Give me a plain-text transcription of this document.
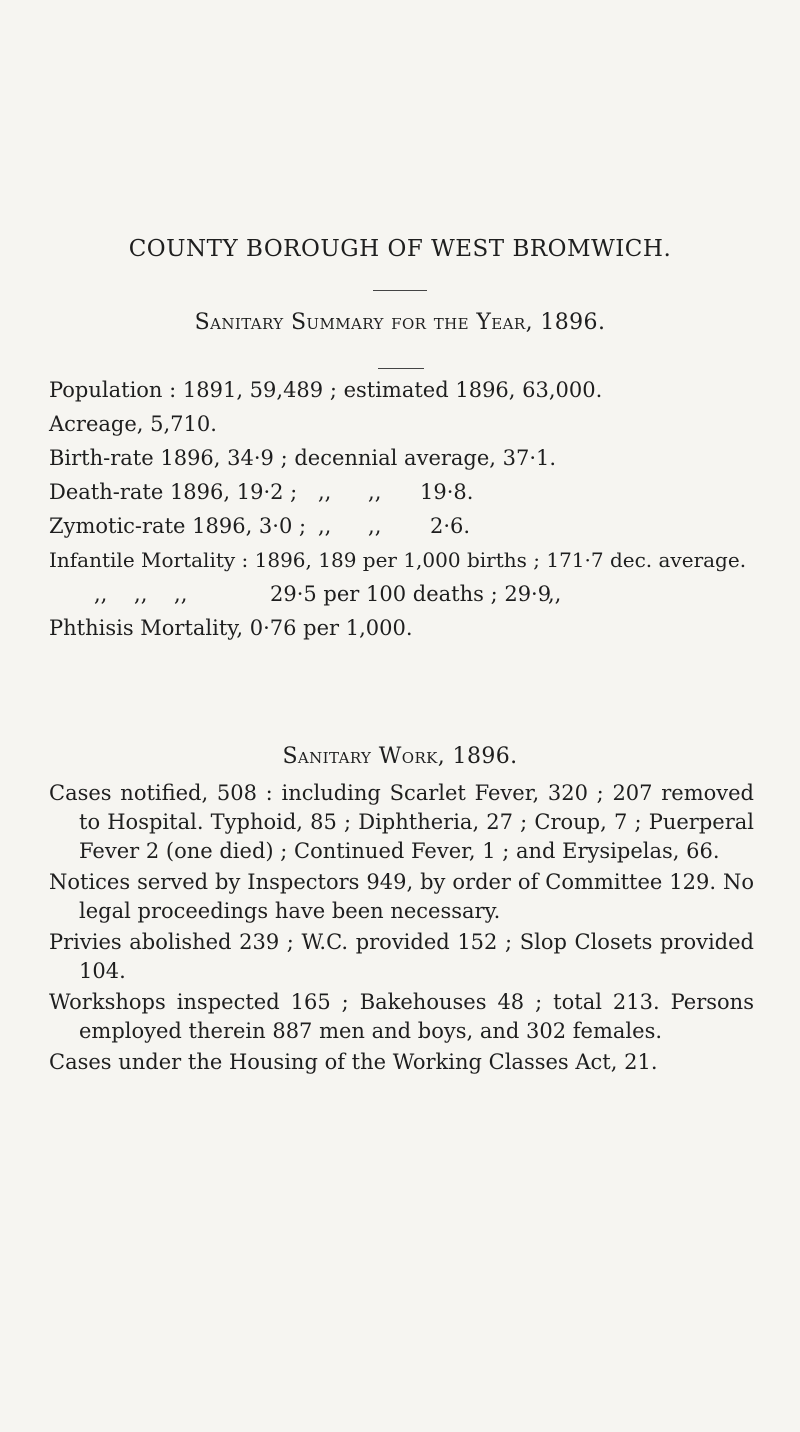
COUNTY BOROUGH OF WEST BROMWICH.
Sanitary Summary for the Year, 1896.
Population : 1891, 59,489 ; estimated 1896, 63,000.
Acreage, 5,710.
Birth-rate 1896, 34·9 ; decennial average, 37·1.
Death-rate 1896, 19·2 ; ,, ,, 19·8.
Zymotic-rate 1896, 3·0 ; ,, ,, 2·6.
Infantile Mortality : 1896, 189 per 1,000 births ; 171·7 dec. average.
,, ,, ,,	29·5 per 100 deaths ; 29·9
,,
Phthisis Mortality, 0·76 per 1,000.
Sanitary Work, 1896.

Cases notified, 508 : including Scarlet Fever, 320 ; 207 removed to Hospital. Typhoid, 85 ; Diphtheria, 27 ; Croup, 7 ; Puerperal Fever 2 (one died) ; Continued Fever, 1 ; and Erysipelas, 66.

Notices served by Inspectors 949, by order of Committee 129. No legal proceedings have been necessary.

Privies abolished 239 ; W.C. provided 152 ; Slop Closets provided 104.

Workshops inspected 165 ; Bakehouses 48 ; total 213. Persons employed therein 887 men and boys, and 302 females.

Cases under the Housing of the Working Classes Act, 21.
